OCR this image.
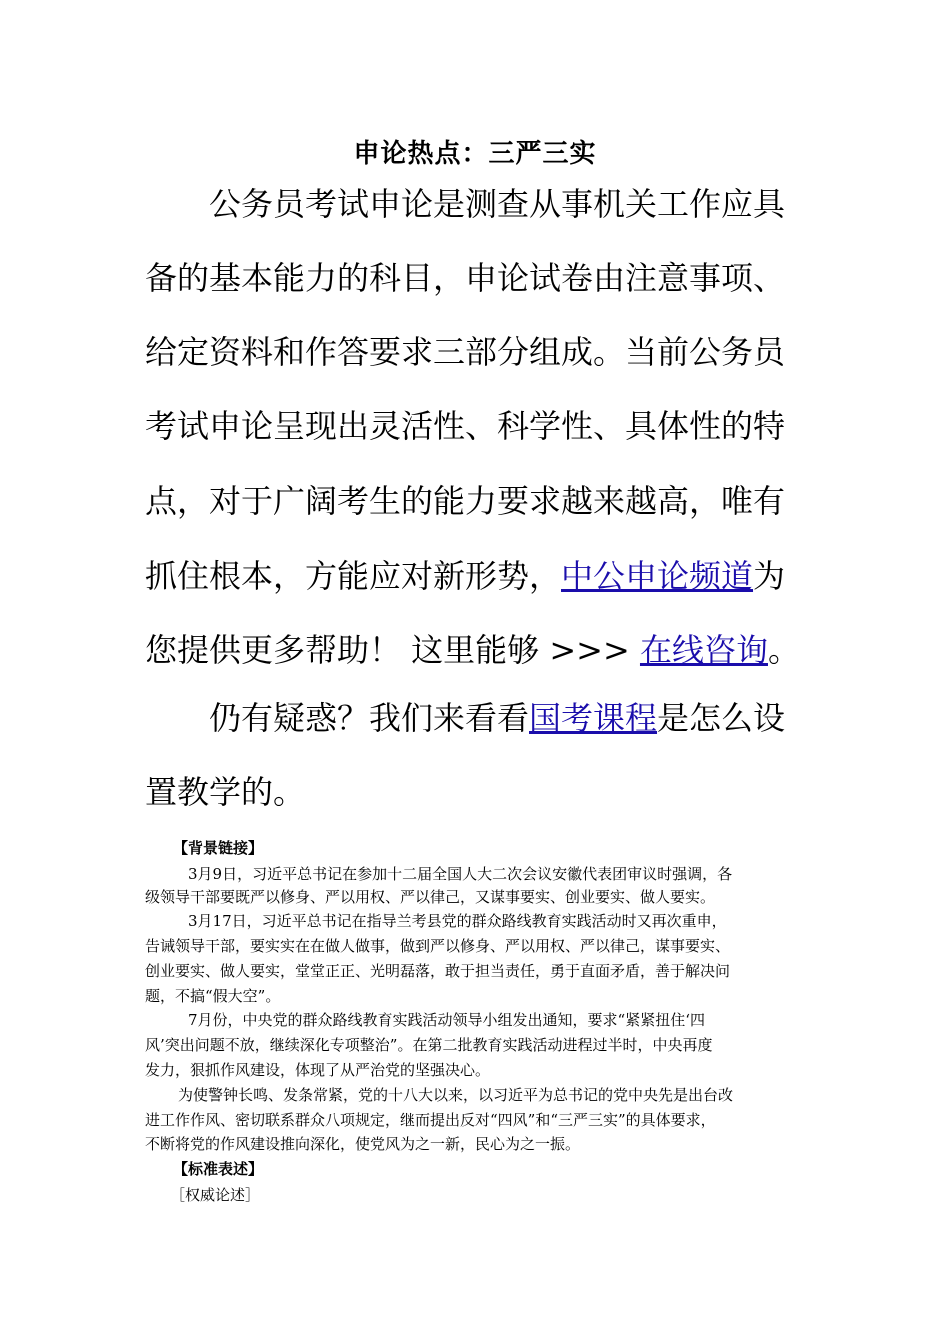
申论热点：三严三实
公务员考试申论是测查从事机关工作应具
备的基本能力的科目，申论试卷由注意事项、
给定资料和作答要求三部分组成。当前公务员
考试申论呈现出灵活性、科学性、具体性的特
点，对于广阔考生的能力要求越来越高，唯有
抓住根本，方能应对新形势，中公申论频道为
您提供更多帮助！ 这里能够 >>> 在线咨询。
仍有疑惑？我们来看看国考课程是怎么设
置教学的。
【背景链接】
3月9日，习近平总书记在参加十二届全国人大二次会议安徽代表团审议时强调，各
级领导干部要既严以修身、严以用权、严以律己，又谋事要实、创业要实、做人要实。
3月17日，习近平总书记在指导兰考县党的群众路线教育实践活动时又再次重申，
告诫领导干部，要实实在在做人做事，做到严以修身、严以用权、严以律己，谋事要实、
创业要实、做人要实，堂堂正正、光明磊落，敢于担当责任，勇于直面矛盾，善于解决问
题，不搞“假大空”。
7月份，中央党的群众路线教育实践活动领导小组发出通知，要求“紧紧扭住‘四
风’突出问题不放，继续深化专项整治”。在第二批教育实践活动进程过半时，中央再度
发力，狠抓作风建设，体现了从严治党的坚强决心。
为使警钟长鸣、发条常紧，党的十八大以来，以习近平为总书记的党中央先是出台改
进工作作风、密切联系群众八项规定，继而提出反对“四风”和“三严三实”的具体要求，
不断将党的作风建设推向深化，使党风为之一新，民心为之一振。
【标准表述】
［权威论述］
